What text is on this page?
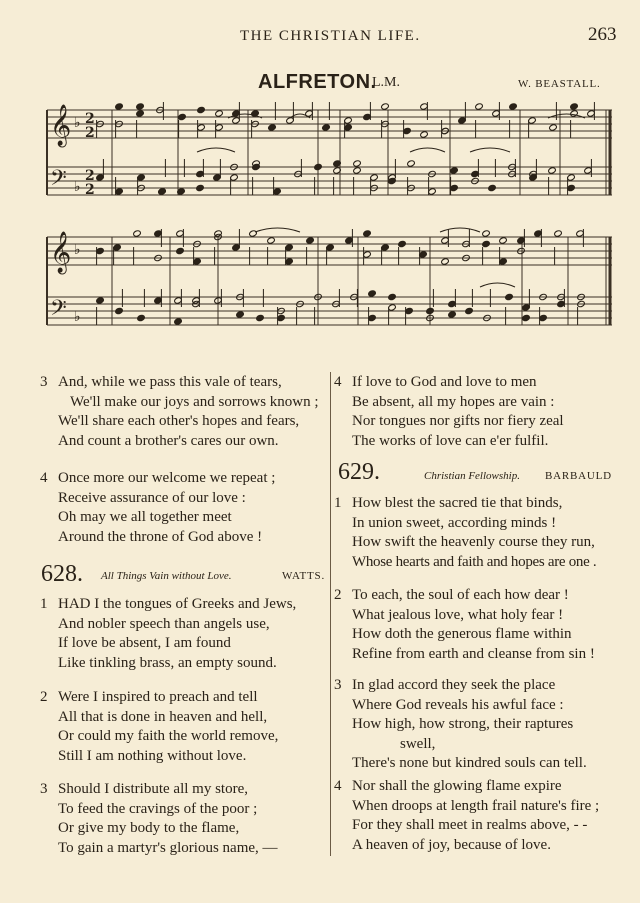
THE CHRISTIAN LIFE.	263
ALFRETON.
L.M.	W. BEASTALL.
𝄞 ♭ 2
2
𝄢 ♭
2
2
𝄞 ♭
𝄢 ♭
3 And, while we pass this vale of tears,
We'll make our joys and sorrows known ;
We'll share each other's hopes and fears,
And count a brother's cares our own.
4 Once more our welcome we repeat ;
Receive assurance of our love :
Oh may we all together meet
Around the throne of God above !
628. All Things Vain without Love.	WATTS.
1 HAD I the tongues of Greeks and Jews,
And nobler speech than angels use,
If love be absent, I am found
Like tinkling brass, an empty sound.
2 Were I inspired to preach and tell
All that is done in heaven and hell,
Or could my faith the world remove,
Still I am nothing without love.
3 Should I distribute all my store,
To feed the cravings of the poor ;
Or give my body to the flame,
To gain a martyr's glorious name, —
4 If love to God and love to men
Be absent, all my hopes are vain :
Nor tongues nor gifts nor fiery zeal
The works of love can e'er fulfil.
629.	Christian Fellowship. BARBAULD
1 How blest the sacred tie that binds,
In union sweet, according minds !
How swift the heavenly course they run,
Whose hearts and faith and hopes are one .
2 To each, the soul of each how dear !
What jealous love, what holy fear !
How doth the generous flame within
Refine from earth and cleanse from sin !
3 In glad accord they seek the place
Where God reveals his awful face :
How high, how strong, their raptures
swell,
There's none but kindred souls can tell.
4 Nor shall the glowing flame expire
When droops at length frail nature's fire ;
For they shall meet in realms above, - -
A heaven of joy, because of love.
